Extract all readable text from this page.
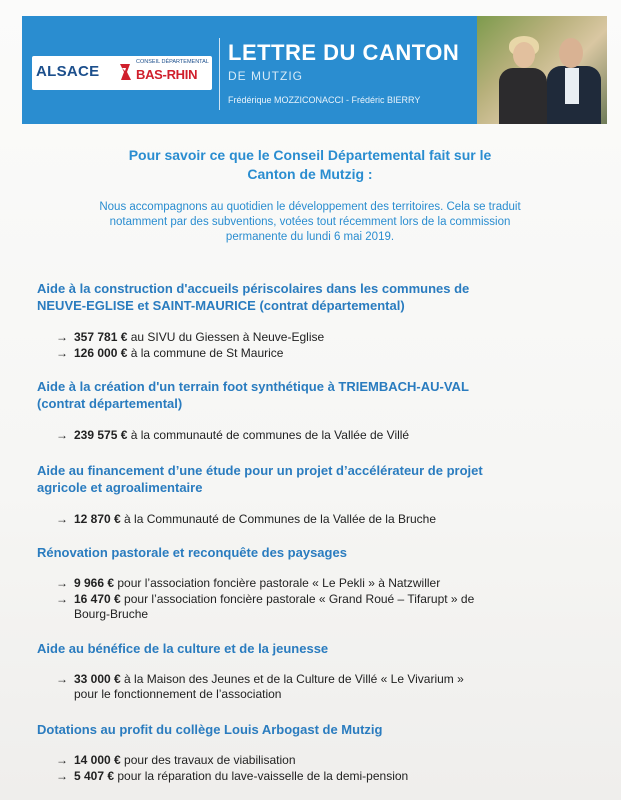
ALSACE
CONSEIL DÉPARTEMENTAL
BAS-RHIN
LETTRE DU CANTON
DE MUTZIG
Frédérique MOZZICONACCI - Frédéric BIERRY
Pour savoir ce que le Conseil Départemental fait sur le
Canton de Mutzig :
Nous accompagnons au quotidien le développement des territoires. Cela se traduit
notamment par des subventions, votées tout récemment lors de la commission
permanente du lundi 6 mai 2019.
Aide à la construction d'accueils périscolaires dans les communes de
NEUVE-EGLISE et SAINT-MAURICE (contrat départemental)
→ 357 781 € au SIVU du Giessen à Neuve-Eglise
→ 126 000 € à la commune de St Maurice
Aide à la création d'un terrain foot synthétique à TRIEMBACH-AU-VAL
(contrat départemental)
→ 239 575 € à la communauté de communes de la Vallée de Villé
Aide au financement d’une étude pour un projet d’accélérateur de projet
agricole et agroalimentaire
→ 12 870 € à la Communauté de Communes de la Vallée de la Bruche
Rénovation pastorale et reconquête des paysages
→ 9 966 € pour l’association foncière pastorale « Le Pekli » à Natzwiller
→ 16 470 € pour l’association foncière pastorale « Grand Roué – Tifarupt » de
Bourg-Bruche
Aide au bénéfice de la culture et de la jeunesse
→ 33 000 € à la Maison des Jeunes et de la Culture de Villé « Le Vivarium »
pour le fonctionnement de l’association
Dotations au profit du collège Louis Arbogast de Mutzig
→ 14 000 € pour des travaux de viabilisation
→ 5 407 € pour la réparation du lave-vaisselle de la demi-pension
